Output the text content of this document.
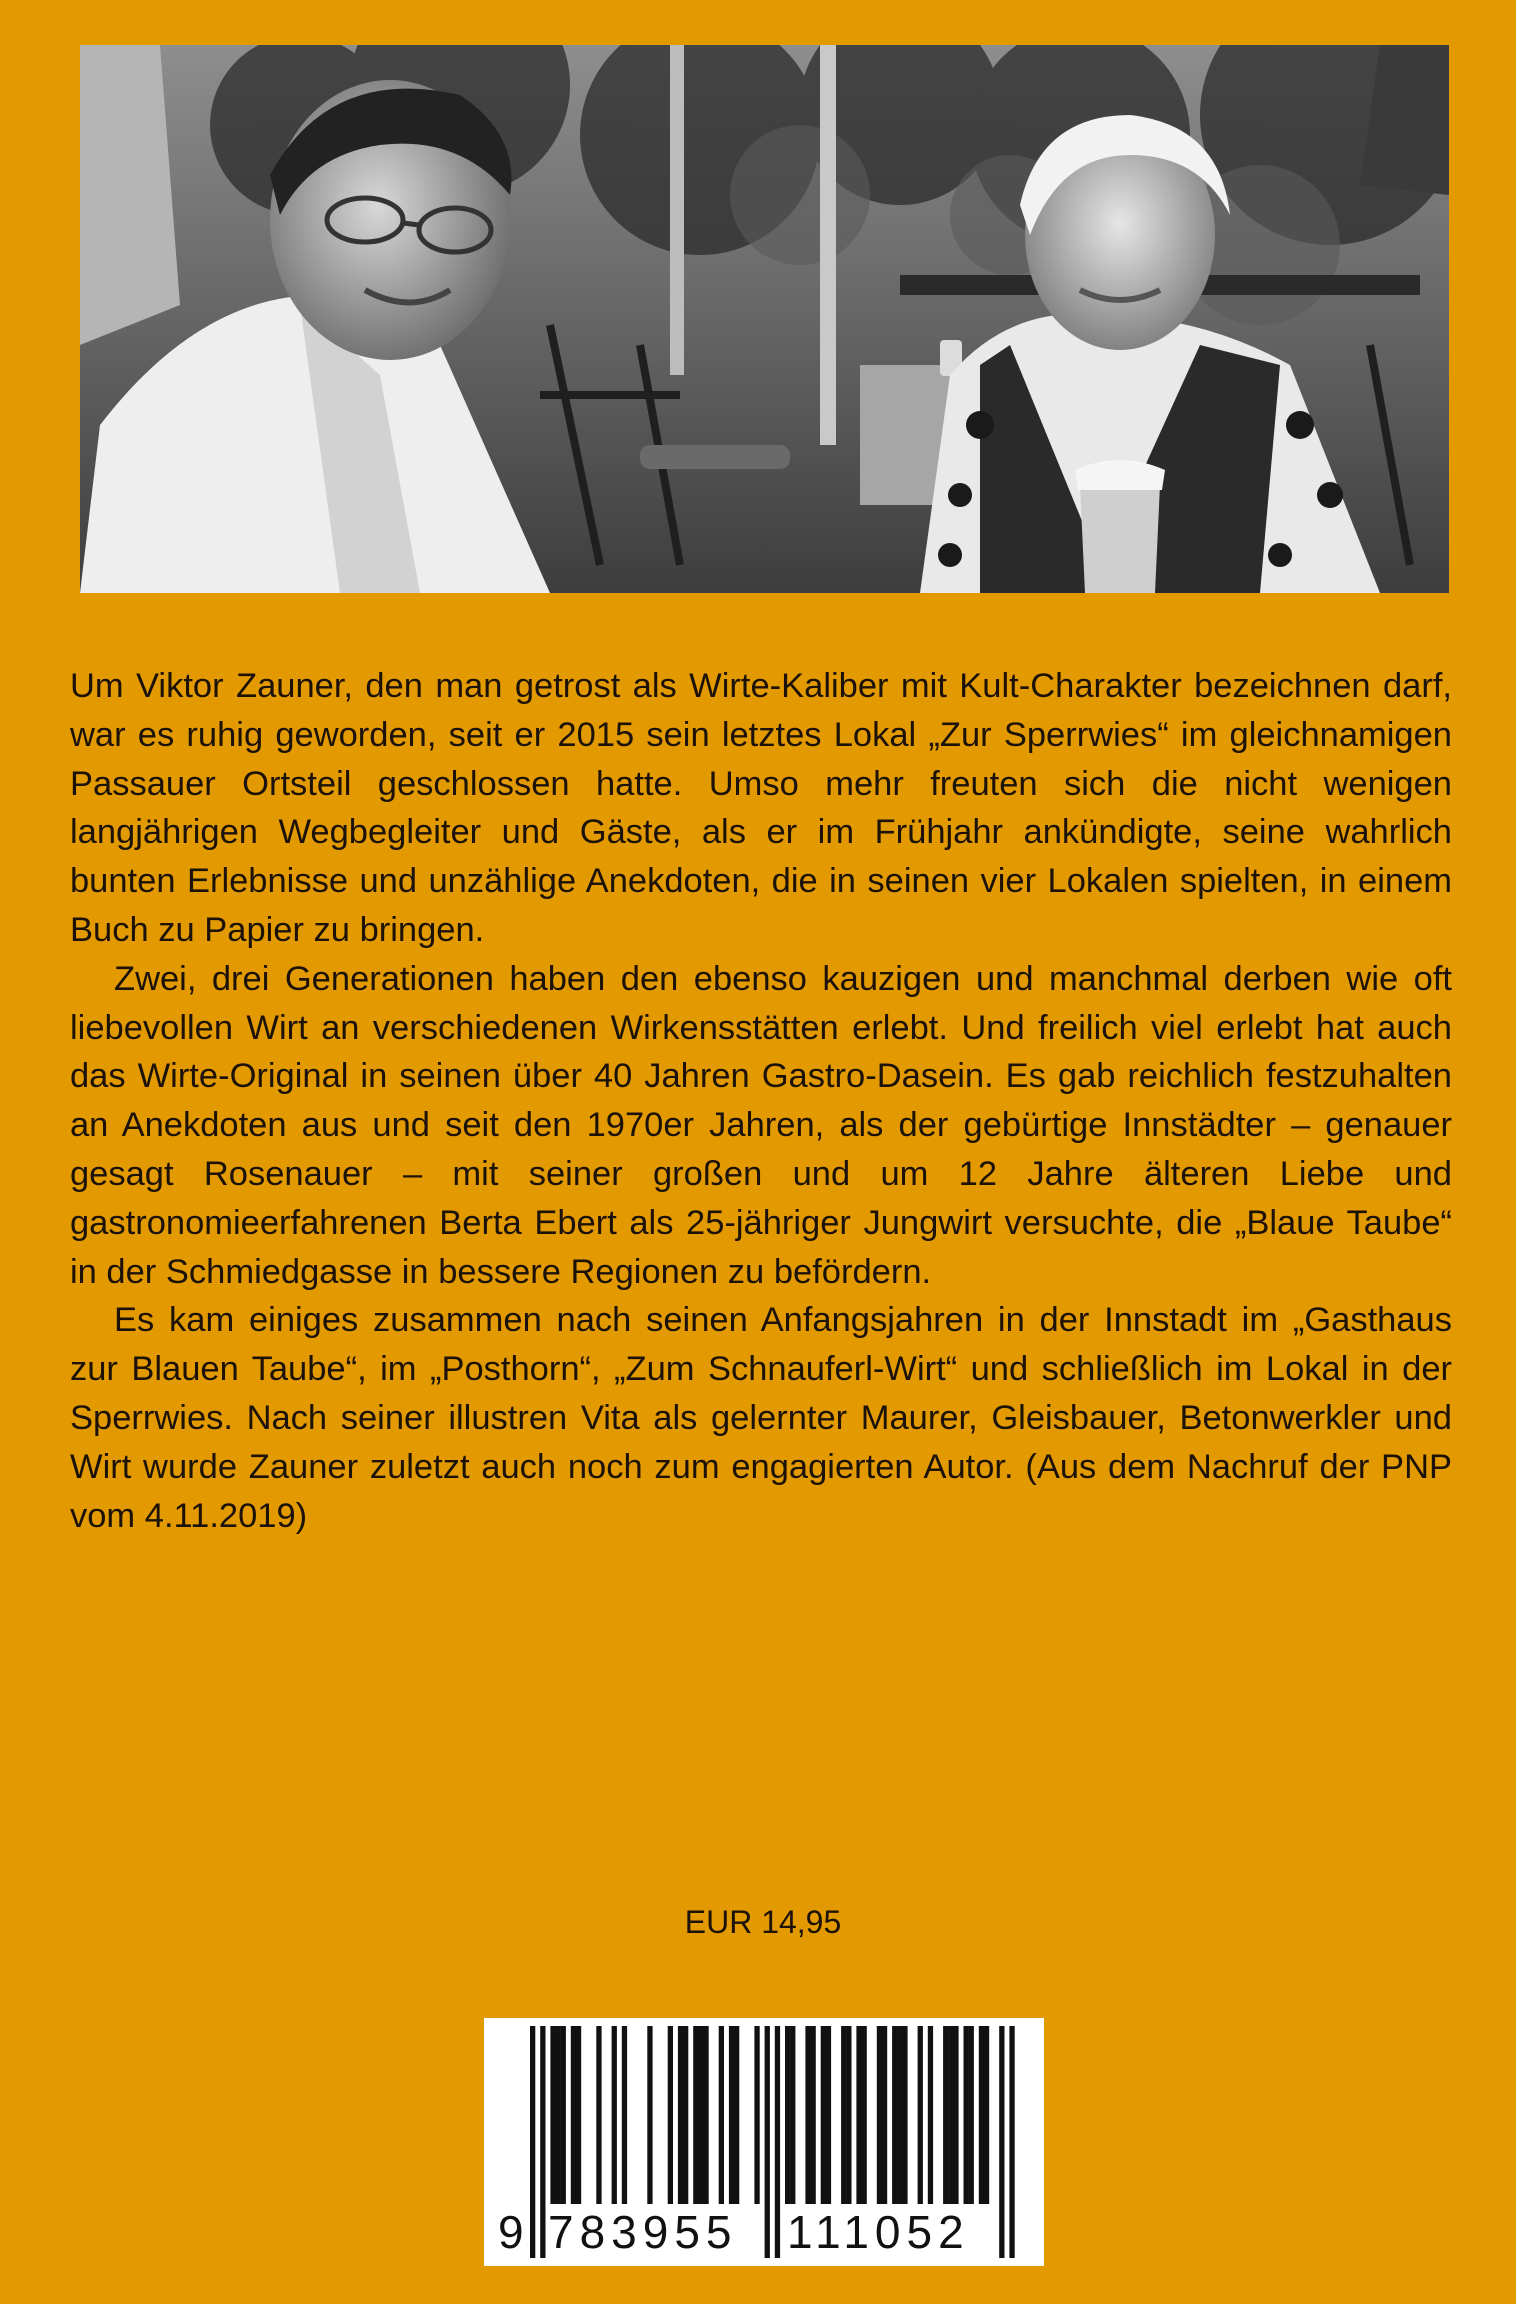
Um Viktor Zauner, den man getrost als Wirte-Kaliber mit Kult-Charakter bezeichnen darf, war es ruhig geworden, seit er 2015 sein letztes Lokal „Zur Sperrwies“ im gleichnamigen Passauer Ortsteil geschlossen hatte. Umso mehr freuten sich die nicht wenigen langjährigen Wegbegleiter und Gäste, als er im Frühjahr ankündigte, seine wahrlich bunten Erlebnisse und unzählige Anekdoten, die in seinen vier Lokalen spielten, in einem Buch zu Papier zu bringen.

Zwei, drei Generationen haben den ebenso kauzigen und manchmal derben wie oft liebevollen Wirt an verschiedenen Wirkensstätten erlebt. Und freilich viel erlebt hat auch das Wirte-Original in seinen über 40 Jahren Gastro-Dasein. Es gab reichlich festzuhalten an Anekdoten aus und seit den 1970er Jahren, als der gebürtige Innstädter – genauer gesagt Rosenauer – mit seiner großen und um 12 Jahre älteren Liebe und gastronomieerfahrenen Berta Ebert als 25-jähriger Jungwirt versuchte, die „Blaue Taube“ in der Schmiedgasse in bessere Regionen zu befördern.

Es kam einiges zusammen nach seinen Anfangsjahren in der Innstadt im „Gasthaus zur Blauen Taube“, im „Posthorn“, „Zum Schnauferl-Wirt“ und schließlich im Lokal in der Sperrwies. Nach seiner illustren Vita als gelernter Maurer, Gleisbauer, Betonwerkler und Wirt wurde Zauner zuletzt auch noch zum engagierten Autor. (Aus dem Nachruf der PNP vom 4.11.2019)

EUR 14,95
9 783955 111052
